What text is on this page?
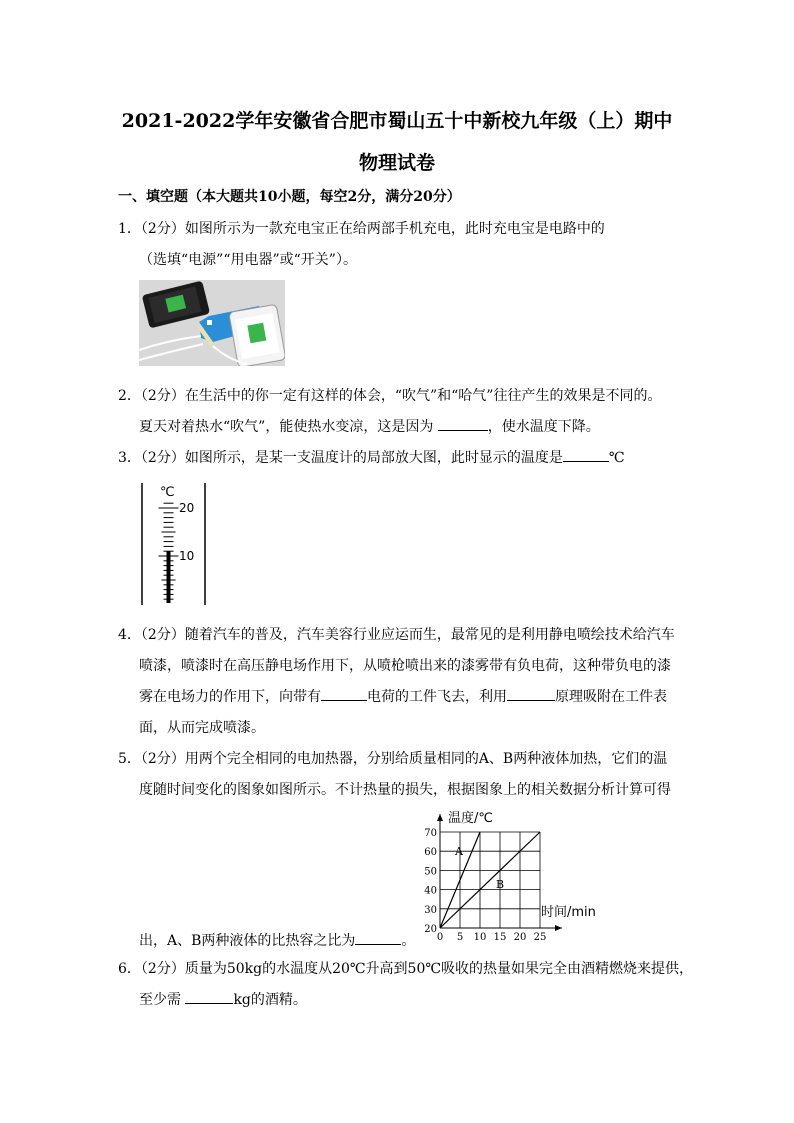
2021-2022学年安徽省合肥市蜀山五十中新校九年级（上）期中
物理试卷
一、填空题（本大题共10小题，每空2分，满分20分）
1．（2分）如图所示为一款充电宝正在给两部手机充电，此时充电宝是电路中的
（选填“电源”“用电器”或“开关”）。
2．（2分）在生活中的你一定有这样的体会，“吹气”和“哈气”往往产生的效果是不同的。
夏天对着热水“吹气”，能使热水变凉，这是因为	，使水温度下降。
3．（2分）如图所示，是某一支温度计的局部放大图，此时显示的温度是	℃
℃
20
10
4．（2分）随着汽车的普及，汽车美容行业应运而生，最常见的是利用静电喷绘技术给汽车
喷漆，喷漆时在高压静电场作用下，从喷枪喷出来的漆雾带有负电荷，这种带负电的漆
雾在电场力的作用下，向带有	电荷的工件飞去，利用	原理吸附在工件表
面，从而完成喷漆。
5．（2分）用两个完全相同的电加热器，分别给质量相同的A、B两种液体加热，它们的温
度随时间变化的图象如图所示。不计热量的损失，根据图象上的相关数据分析计算可得
出，A、B两种液体的比热容之比为	。 0 5 10 15 20 25
20
30
40
50
60
70
A
B
温度/℃
时间/min
6．（2分）质量为50kg的水温度从20℃升高到50℃吸收的热量如果完全由酒精燃烧来提供，
至少需	kg的酒精。
